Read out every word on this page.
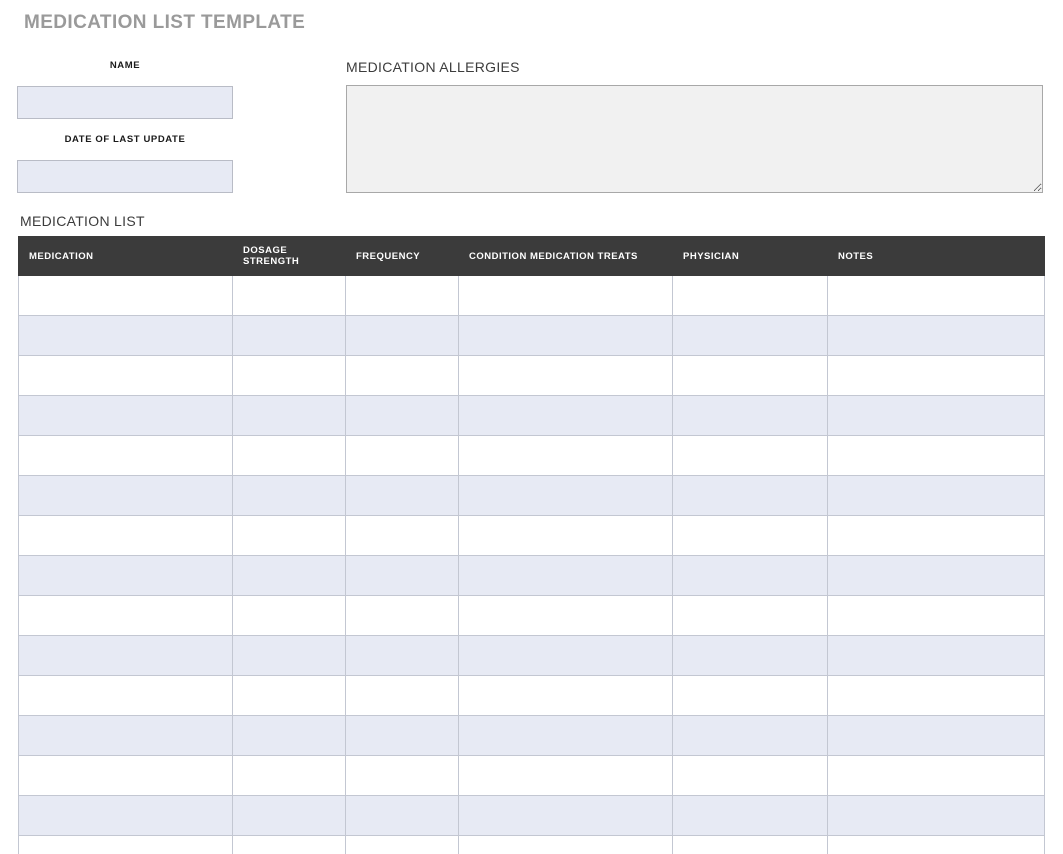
MEDICATION LIST TEMPLATE
NAME
DATE OF LAST UPDATE
MEDICATION ALLERGIES
MEDICATION LIST
MEDICATION	DOSAGE STRENGTH	FREQUENCY	CONDITION MEDICATION TREATS	PHYSICIAN	NOTES
